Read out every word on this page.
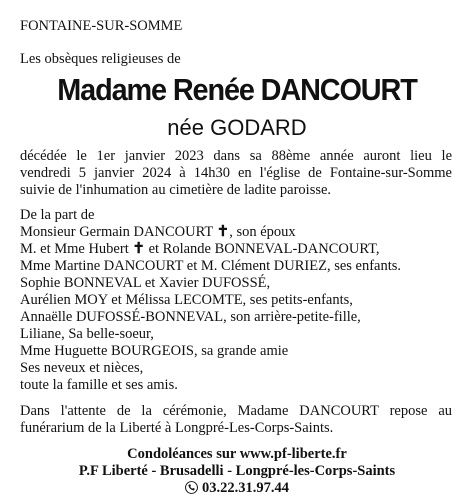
FONTAINE-SUR-SOMME
Les obsèques religieuses de
Madame Renée DANCOURT
née GODARD
décédée le 1er janvier 2023 dans sa 88ème année auront lieu le
vendredi 5 janvier 2024 à 14h30 en l'église de Fontaine-sur-Somme
suivie de l'inhumation au cimetière de ladite paroisse.
De la part de
Monsieur Germain DANCOURT ✝, son époux
M. et Mme Hubert ✝ et Rolande BONNEVAL-DANCOURT,
Mme Martine DANCOURT et M. Clément DURIEZ, ses enfants.
Sophie BONNEVAL et Xavier DUFOSSÉ,
Aurélien MOY et Mélissa LECOMTE, ses petits-enfants,
Annaëlle DUFOSSÉ-BONNEVAL, son arrière-petite-fille,
Liliane, Sa belle-soeur,
Mme Huguette BOURGEOIS, sa grande amie
Ses neveux et nièces,
toute la famille et ses amis.
Dans l'attente de la cérémonie, Madame DANCOURT repose au
funérarium de la Liberté à Longpré-Les-Corps-Saints.
Condoléances sur www.pf-liberte.fr
P.F Liberté - Brusadelli - Longpré-les-Corps-Saints
03.22.31.97.44
